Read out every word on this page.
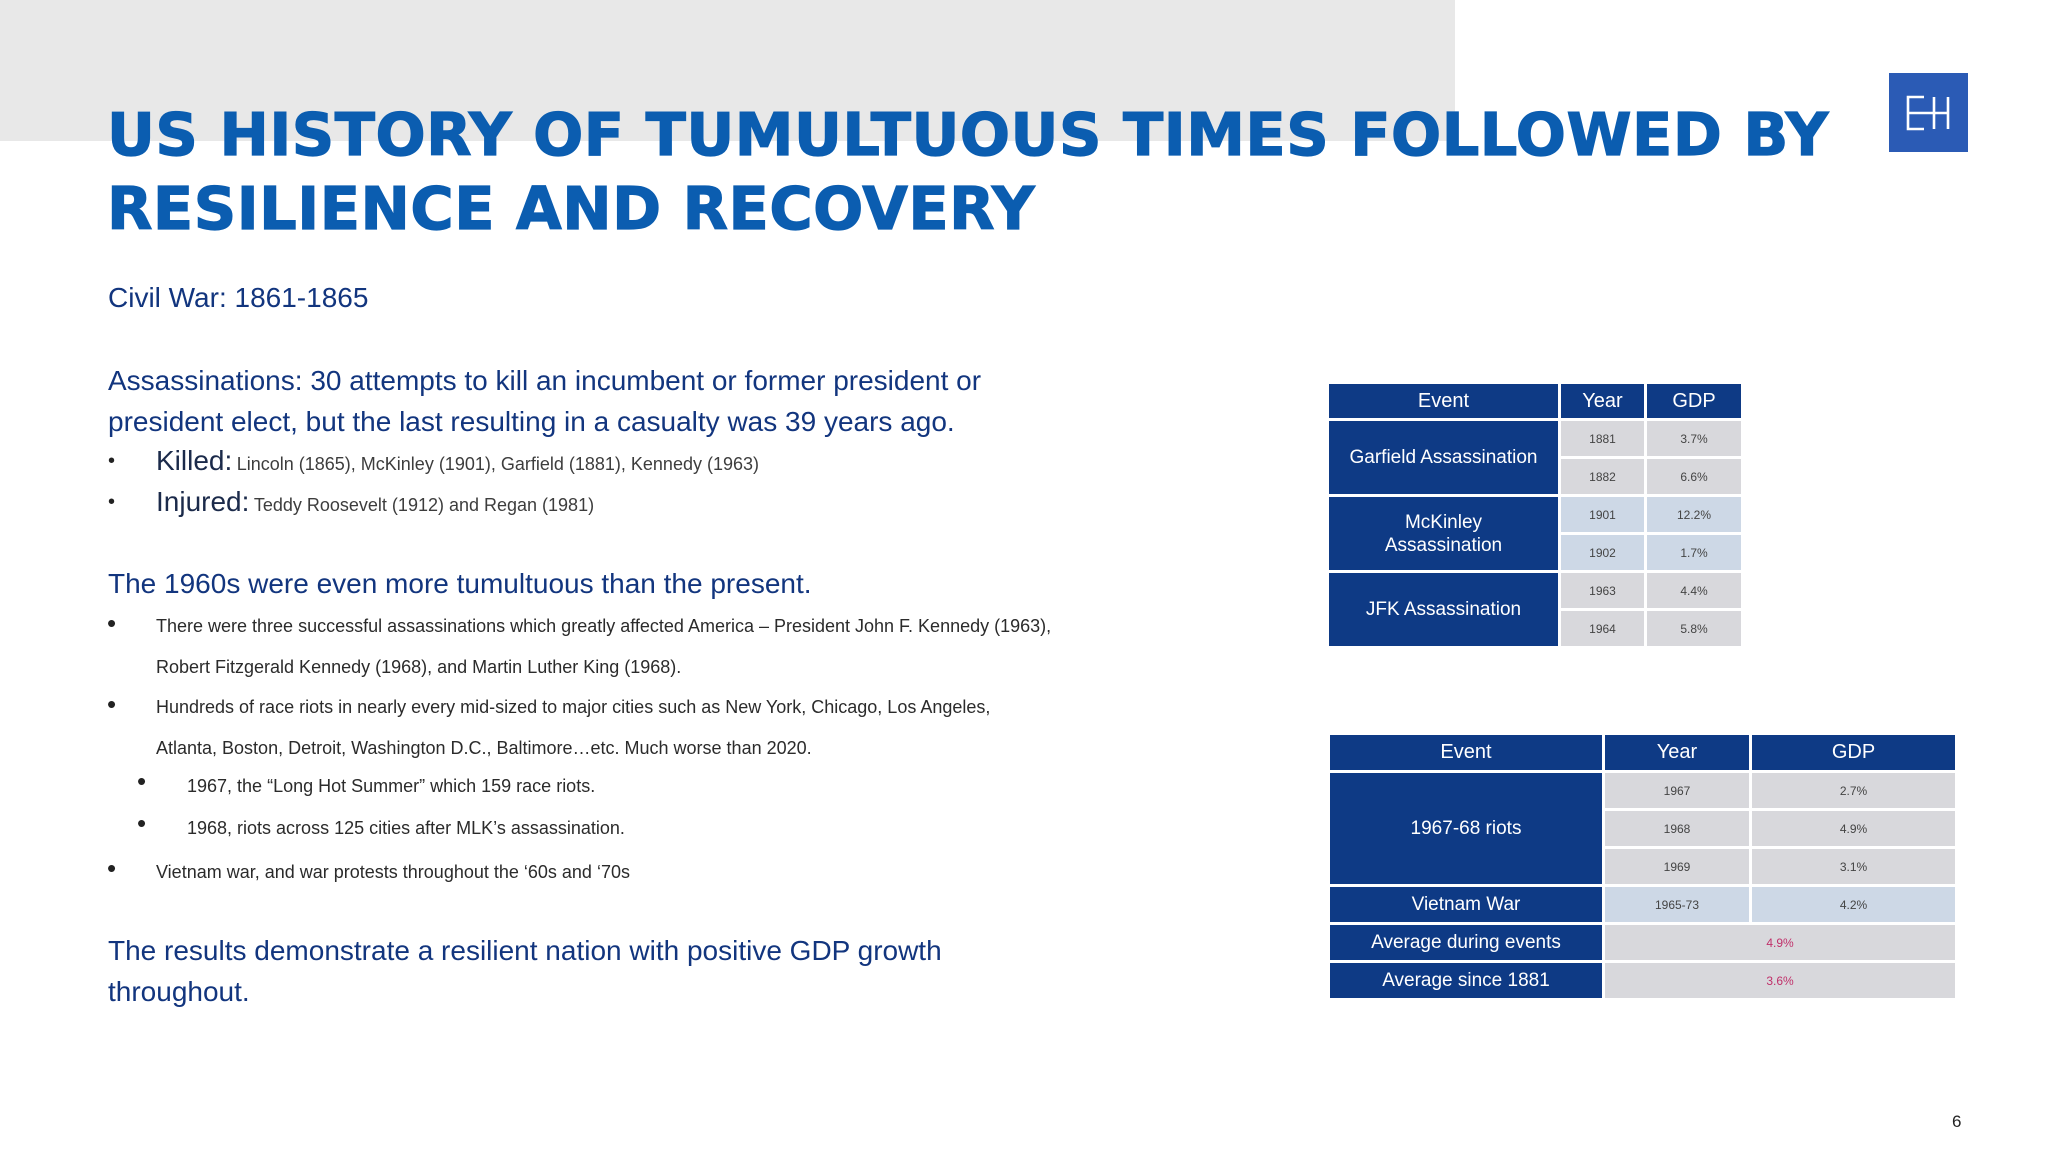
US HISTORY OF TUMULTUOUS TIMES FOLLOWED BY RESILIENCE AND RECOVERY
Civil War: 1861-1865
Assassinations: 30 attempts to kill an incumbent or former president or
president elect, but the last resulting in a casualty was 39 years ago.
• Killed: Lincoln (1865), McKinley (1901), Garfield (1881), Kennedy (1963)
• Injured: Teddy Roosevelt (1912) and Regan (1981)
The 1960s were even more tumultuous than the present.
• There were three successful assassinations which greatly affected America – President John F. Kennedy (1963),
Robert Fitzgerald Kennedy (1968), and Martin Luther King (1968).
• Hundreds of race riots in nearly every mid-sized to major cities such as New York, Chicago, Los Angeles,
Atlanta, Boston, Detroit, Washington D.C., Baltimore…etc. Much worse than 2020.
• 1967, the “Long Hot Summer” which 159 race riots.
• 1968, riots across 125 cities after MLK’s assassination.
• Vietnam war, and war protests throughout the ‘60s and ‘70s
The results demonstrate a resilient nation with positive GDP growth
throughout.
Event	Year	GDP
Garfield Assassination	1881	3.7%
	1882	6.6%
McKinley
Assassination	1901	12.2%
	1902	1.7%
JFK Assassination	1963	4.4%
	1964	5.8%
Event	Year	GDP
1967-68 riots	1967	2.7%
	1968	4.9%
	1969	3.1%
Vietnam War	1965-73	4.2%
Average during events	4.9%	
Average since 1881	3.6%	
6
